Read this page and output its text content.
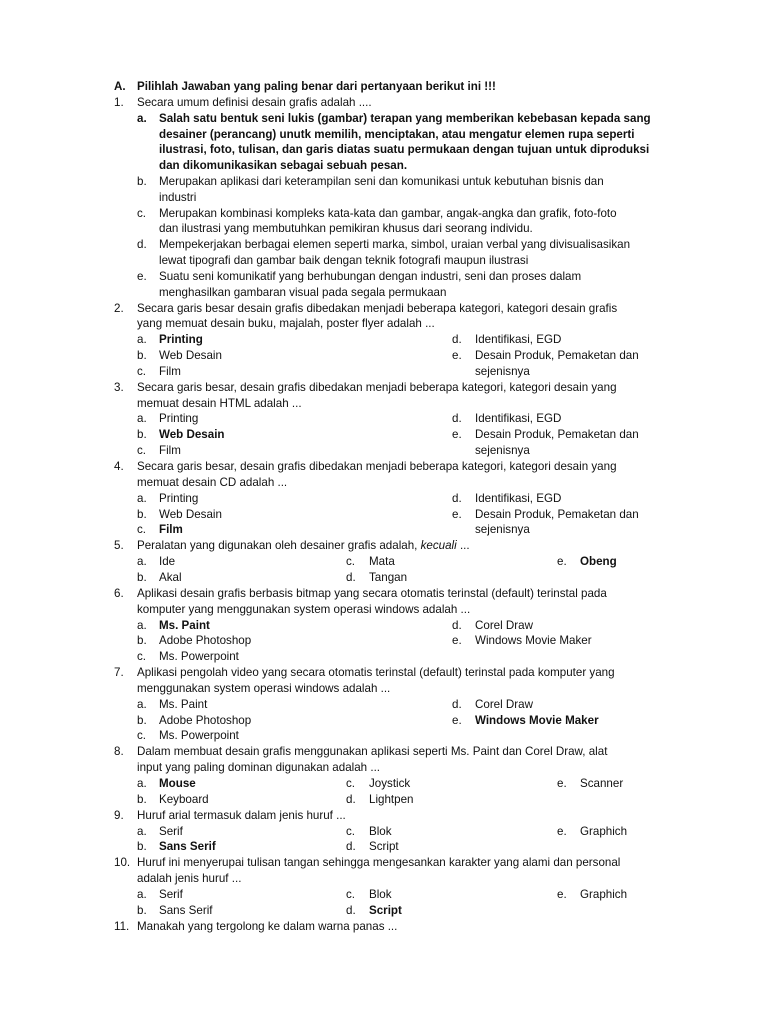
A. Pilihlah Jawaban yang paling benar dari pertanyaan berikut ini !!!
1. Secara umum definisi desain grafis adalah ....
a. Salah satu bentuk seni lukis (gambar) terapan yang memberikan kebebasan kepada sang
desainer (perancang) unutk memilih, menciptakan, atau mengatur elemen rupa seperti
ilustrasi, foto, tulisan, dan garis diatas suatu permukaan dengan tujuan untuk diproduksi
dan dikomunikasikan sebagai sebuah pesan.
b. Merupakan aplikasi dari keterampilan seni dan komunikasi untuk kebutuhan bisnis dan
industri
c. Merupakan kombinasi kompleks kata-kata dan gambar, angak-angka dan grafik, foto-foto
dan ilustrasi yang membutuhkan pemikiran khusus dari seorang individu.
d. Mempekerjakan berbagai elemen seperti marka, simbol, uraian verbal yang divisualisasikan
lewat tipografi dan gambar baik dengan teknik fotografi maupun ilustrasi
e. Suatu seni komunikatif yang berhubungan dengan industri, seni dan proses dalam
menghasilkan gambaran visual pada segala permukaan
2. Secara garis besar desain grafis dibedakan menjadi beberapa kategori, kategori desain grafis
yang memuat desain buku, majalah, poster flyer adalah ...
a. Printing
b. Web Desain
c. Film
d. Identifikasi, EGD
e. Desain Produk, Pemaketan dan
sejenisnya
3. Secara garis besar, desain grafis dibedakan menjadi beberapa kategori, kategori desain yang
memuat desain HTML adalah ...
a. Printing
b. Web Desain
c. Film
d. Identifikasi, EGD
e. Desain Produk, Pemaketan dan
sejenisnya
4. Secara garis besar, desain grafis dibedakan menjadi beberapa kategori, kategori desain yang
memuat desain CD adalah ...
a. Printing
b. Web Desain
c. Film
d. Identifikasi, EGD
e. Desain Produk, Pemaketan dan
sejenisnya
5. Peralatan yang digunakan oleh desainer grafis adalah, kecuali ...
a. Ide
b. Akal
c. Mata
d. Tangan
e. Obeng
6. Aplikasi desain grafis berbasis bitmap yang secara otomatis terinstal (default) terinstal pada
komputer yang menggunakan system operasi windows adalah ...
a. Ms. Paint
b. Adobe Photoshop
c. Ms. Powerpoint
d. Corel Draw
e. Windows Movie Maker
7. Aplikasi pengolah video yang secara otomatis terinstal (default) terinstal pada komputer yang
menggunakan system operasi windows adalah ...
a. Ms. Paint
b. Adobe Photoshop
c. Ms. Powerpoint
d. Corel Draw
e. Windows Movie Maker
8. Dalam membuat desain grafis menggunakan aplikasi seperti Ms. Paint dan Corel Draw, alat
input yang paling dominan digunakan adalah ...
a. Mouse
b. Keyboard
c. Joystick
d. Lightpen
e. Scanner
9. Huruf arial termasuk dalam jenis huruf ...
a. Serif
b. Sans Serif
c. Blok
d. Script
e. Graphich
10. Huruf ini menyerupai tulisan tangan sehingga mengesankan karakter yang alami dan personal
adalah jenis huruf ...
a. Serif
b. Sans Serif
c. Blok
d. Script
e. Graphich
11. Manakah yang tergolong ke dalam warna panas ...
